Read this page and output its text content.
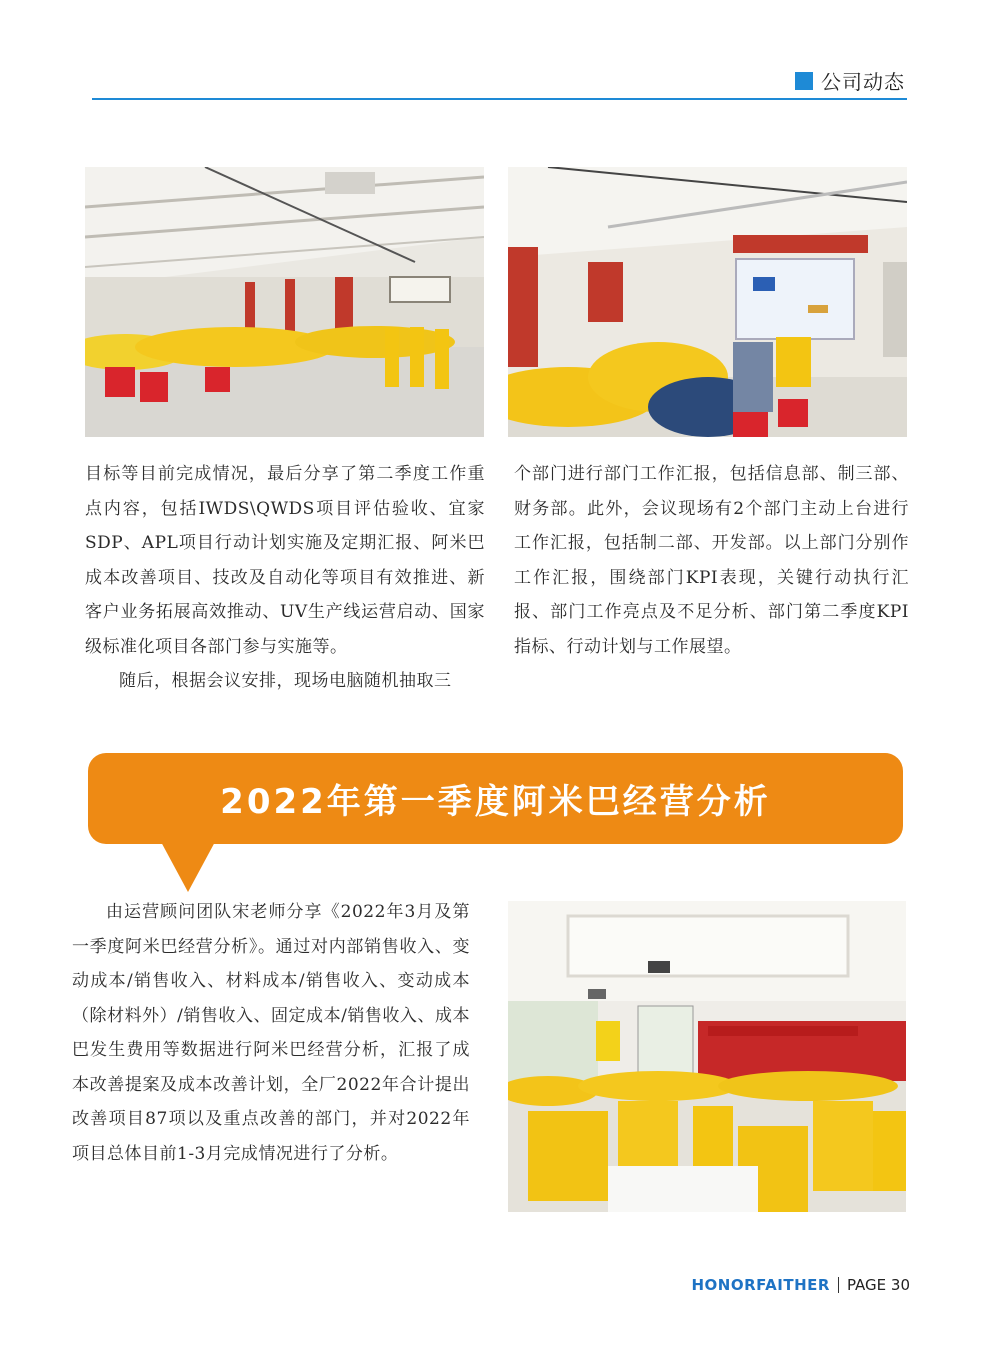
公司动态

目标等目前完成情况，最后分享了第二季度工作重点内容，包括IWDS\QWDS项目评估验收、宜家SDP、APL项目行动计划实施及定期汇报、阿米巴成本改善项目、技改及自动化等项目有效推进、新客户业务拓展高效推动、UV生产线运营启动、国家级标准化项目各部门参与实施等。

随后，根据会议安排，现场电脑随机抽取三

个部门进行部门工作汇报，包括信息部、制三部、财务部。此外，会议现场有2个部门主动上台进行工作汇报，包括制二部、开发部。以上部门分别作工作汇报，围绕部门KPI表现，关键行动执行汇报、部门工作亮点及不足分析、部门第二季度KPI指标、行动计划与工作展望。

2022年第一季度阿米巴经营分析

由运营顾问团队宋老师分享《2022年3月及第一季度阿米巴经营分析》。通过对内部销售收入、变动成本/销售收入、材料成本/销售收入、变动成本（除材料外）/销售收入、固定成本/销售收入、成本巴发生费用等数据进行阿米巴经营分析，汇报了成本改善提案及成本改善计划，全厂2022年合计提出改善项目87项以及重点改善的部门，并对2022年项目总体目前1-3月完成情况进行了分析。

HONORFAITHER PAGE 30
